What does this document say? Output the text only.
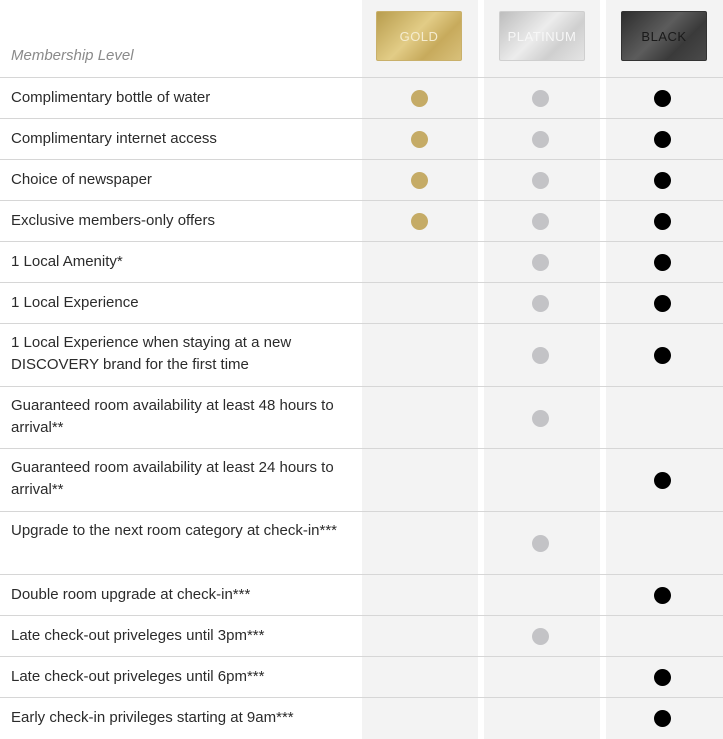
Membership Level
GOLD	PLATINUM	BLACK
Complimentary bottle of water
Complimentary internet access
Choice of newspaper
Exclusive members-only offers
1 Local Amenity*
1 Local Experience
1 Local Experience when staying at a new DISCOVERY brand for the first time
Guaranteed room availability at least 48 hours to arrival**
Guaranteed room availability at least 24 hours to arrival**
Upgrade to the next room category at check-in***
Double room upgrade at check-in***
Late check-out priveleges until 3pm***
Late check-out priveleges until 6pm***
Early check-in privileges starting at 9am***
